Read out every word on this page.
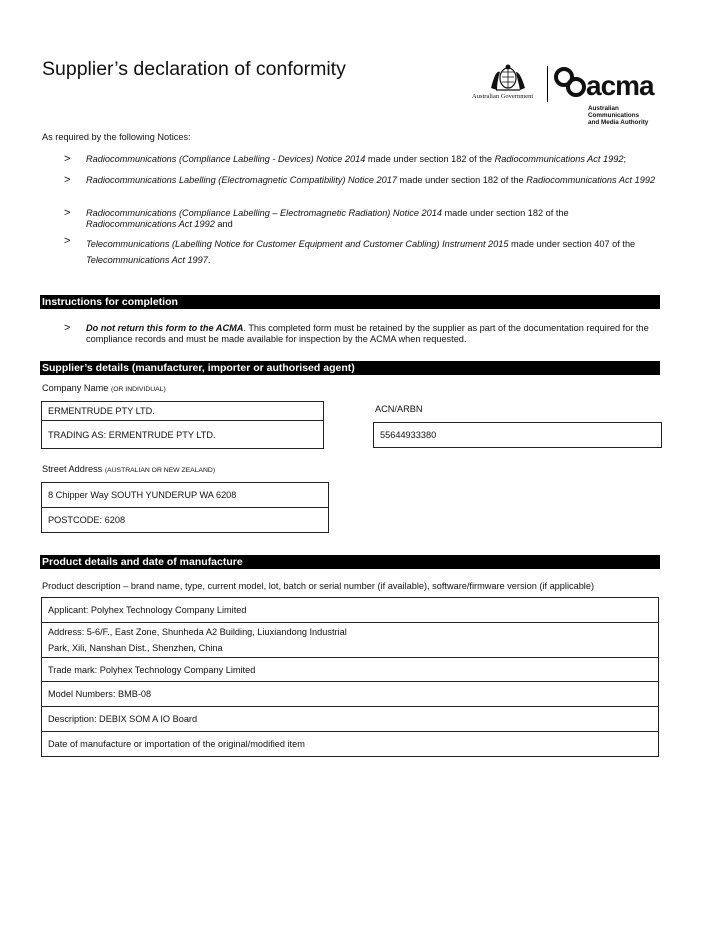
Supplier’s declaration of conformity
Australian Government acma
Australian
Communications
and Media Authority
As required by the following Notices:
> Radiocommunications (Compliance Labelling - Devices) Notice 2014 made under section 182 of the Radiocommunications Act 1992;
> Radiocommunications Labelling (Electromagnetic Compatibility) Notice 2017 made under section 182 of the Radiocommunications Act 1992
> Radiocommunications (Compliance Labelling – Electromagnetic Radiation) Notice 2014 made under section 182 of the Radiocommunications Act 1992 and
> Telecommunications (Labelling Notice for Customer Equipment and Customer Cabling) Instrument 2015 made under section 407 of the Telecommunications Act 1997.
Instructions for completion
> Do not return this form to the ACMA. This completed form must be retained by the supplier as part of the documentation required for the compliance records and must be made available for inspection by the ACMA when requested.
Supplier’s details (manufacturer, importer or authorised agent)
Company Name (OR INDIVIDUAL)
ERMENTRUDE PTY LTD.
TRADING AS: ERMENTRUDE PTY LTD.
ACN/ARBN
55644933380
Street Address (AUSTRALIAN OR NEW ZEALAND)
8 Chipper Way SOUTH YUNDERUP WA 6208
POSTCODE: 6208
Product details and date of manufacture
Product description – brand name, type, current model, lot, batch or serial number (if available), software/firmware version (if applicable)
Applicant: Polyhex Technology Company Limited

Address: 5-6/F., East Zone, Shunheda A2 Building, Liuxiandong Industrial
Park, Xili, Nanshan Dist., Shenzhen, China

Trade mark: Polyhex Technology Company Limited
Model Numbers: BMB-08
Description: DEBIX SOM A IO Board
Date of manufacture or importation of the original/modified item
